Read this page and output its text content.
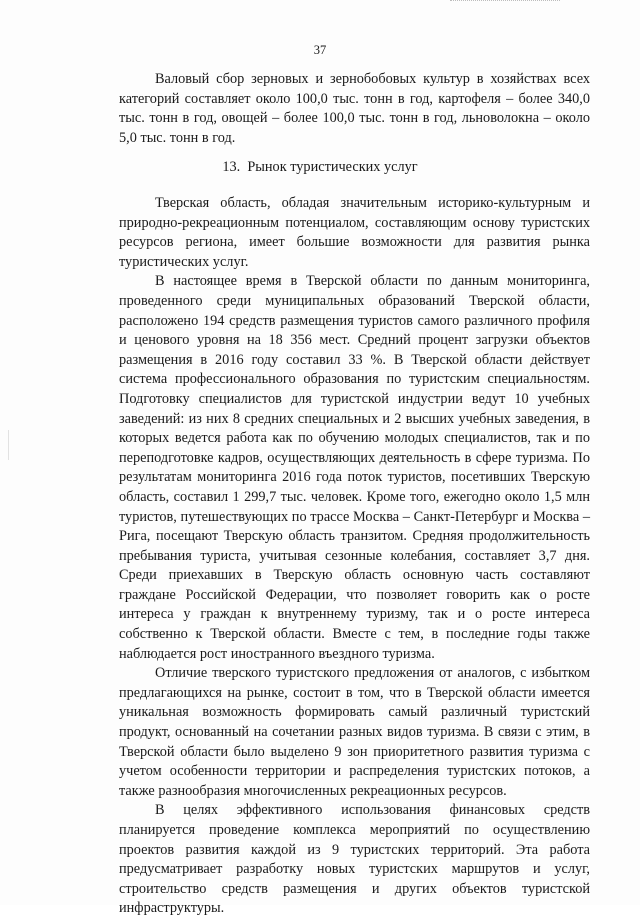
37

Валовый сбор зерновых и зернобобовых культур в хозяйствах всех категорий составляет около 100,0 тыс. тонн в год, картофеля – более 340,0 тыс. тонн в год, овощей – более 100,0 тыс. тонн в год, льноволокна – около 5,0 тыс. тонн в год.

13. Рынок туристических услуг

Тверская область, обладая значительным историко-культурным и природно-рекреационным потенциалом, составляющим основу туристских ресурсов региона, имеет большие возможности для развития рынка туристических услуг.

В настоящее время в Тверской области по данным мониторинга, проведенного среди муниципальных образований Тверской области, расположено 194 средств размещения туристов самого различного профиля и ценового уровня на 18 356 мест. Средний процент загрузки объектов размещения в 2016 году составил 33 %. В Тверской области действует система профессионального образования по туристским специальностям. Подготовку специалистов для туристской индустрии ведут 10 учебных заведений: из них 8 средних специальных и 2 высших учебных заведения, в которых ведется работа как по обучению молодых специалистов, так и по переподготовке кадров, осуществляющих деятельность в сфере туризма. По результатам мониторинга 2016 года поток туристов, посетивших Тверскую область, составил 1 299,7 тыс. человек. Кроме того, ежегодно около 1,5 млн туристов, путешествующих по трассе Москва – Санкт-Петербург и Москва – Рига, посещают Тверскую область транзитом. Средняя продолжительность пребывания туриста, учитывая сезонные колебания, составляет 3,7 дня. Среди приехавших в Тверскую область основную часть составляют граждане Российской Федерации, что позволяет говорить как о росте интереса у граждан к внутреннему туризму, так и о росте интереса собственно к Тверской области. Вместе с тем, в последние годы также наблюдается рост иностранного въездного туризма.

Отличие тверского туристского предложения от аналогов, с избытком предлагающихся на рынке, состоит в том, что в Тверской области имеется уникальная возможность формировать самый различный туристский продукт, основанный на сочетании разных видов туризма. В связи с этим, в Тверской области было выделено 9 зон приоритетного развития туризма с учетом особенности территории и распределения туристских потоков, а также разнообразия многочисленных рекреационных ресурсов.

В целях эффективного использования финансовых средств планируется проведение комплекса мероприятий по осуществлению проектов развития каждой из 9 туристских территорий. Эта работа предусматривает разработку новых туристских маршрутов и услуг, строительство средств размещения и других объектов туристской инфраструктуры.
